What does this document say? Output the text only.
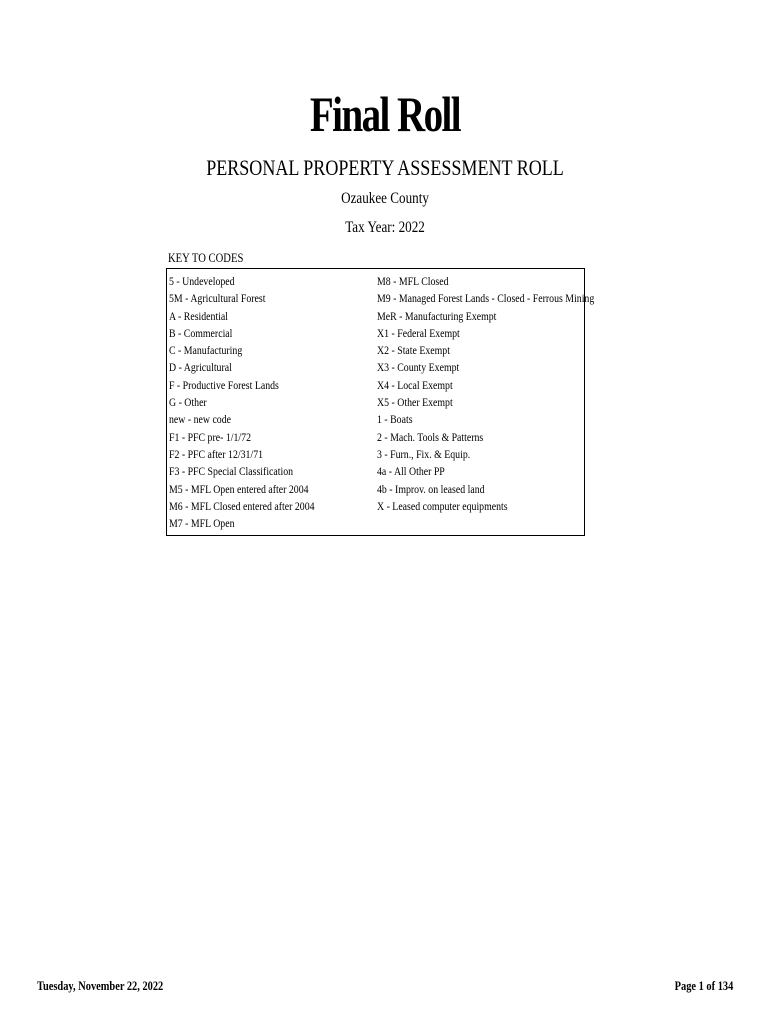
Final Roll
PERSONAL PROPERTY ASSESSMENT ROLL
Ozaukee County
Tax Year: 2022
KEY TO CODES
5 - Undeveloped
5M - Agricultural Forest
A - Residential
B - Commercial
C - Manufacturing
D - Agricultural
F - Productive Forest Lands
G - Other
new - new code
F1 - PFC pre- 1/1/72
F2 - PFC after 12/31/71
F3 - PFC Special Classification
M5 - MFL Open entered after 2004
M6 - MFL Closed entered after 2004
M7 - MFL Open
M8 - MFL Closed
M9 - Managed Forest Lands - Closed - Ferrous Mining
MeR - Manufacturing Exempt
X1 - Federal Exempt
X2 - State Exempt
X3 - County Exempt
X4 - Local Exempt
X5 - Other Exempt
1 - Boats
2 - Mach. Tools & Patterns
3 - Furn., Fix. & Equip.
4a - All Other PP
4b - Improv. on leased land
X - Leased computer equipments
Tuesday, November 22, 2022	Page 1 of 134
